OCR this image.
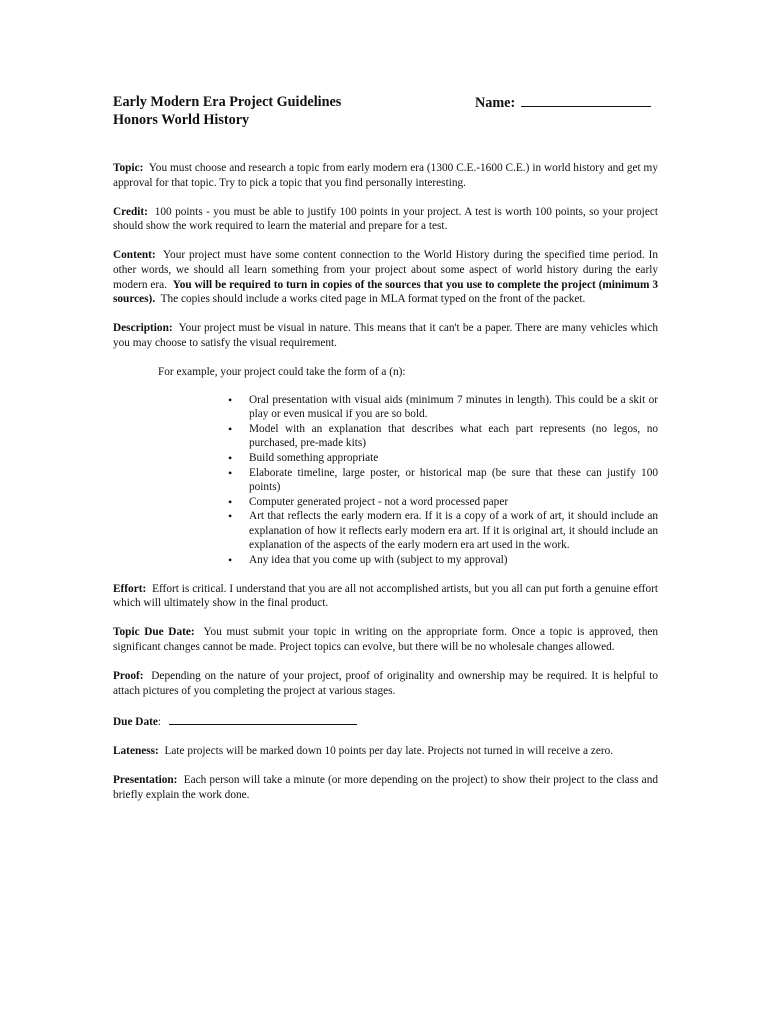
Early Modern Era Project Guidelines
Honors World History
Name:

Topic: You must choose and research a topic from early modern era (1300 C.E.-1600 C.E.) in world history and get my approval for that topic. Try to pick a topic that you find personally interesting.

Credit: 100 points - you must be able to justify 100 points in your project. A test is worth 100 points, so your project should show the work required to learn the material and prepare for a test.

Content: Your project must have some content connection to the World History during the specified time period. In other words, we should all learn something from your project about some aspect of world history during the early modern era. You will be required to turn in copies of the sources that you use to complete the project (minimum 3 sources). The copies should include a works cited page in MLA format typed on the front of the packet.

Description: Your project must be visual in nature. This means that it can't be a paper. There are many vehicles which you may choose to satisfy the visual requirement.

For example, your project could take the form of a (n):

• Oral presentation with visual aids (minimum 7 minutes in length). This could be a skit or play or even musical if you are so bold.
• Model with an explanation that describes what each part represents (no legos, no purchased, pre-made kits)
• Build something appropriate
• Elaborate timeline, large poster, or historical map (be sure that these can justify 100 points)
• Computer generated project - not a word processed paper
• Art that reflects the early modern era. If it is a copy of a work of art, it should include an explanation of how it reflects early modern era art. If it is original art, it should include an explanation of the aspects of the early modern era art used in the work.
• Any idea that you come up with (subject to my approval)

Effort: Effort is critical. I understand that you are all not accomplished artists, but you all can put forth a genuine effort which will ultimately show in the final product.

Topic Due Date: You must submit your topic in writing on the appropriate form. Once a topic is approved, then significant changes cannot be made. Project topics can evolve, but there will be no wholesale changes allowed.

Proof: Depending on the nature of your project, proof of originality and ownership may be required. It is helpful to attach pictures of you completing the project at various stages.

Due Date:

Lateness: Late projects will be marked down 10 points per day late. Projects not turned in will receive a zero.

Presentation: Each person will take a minute (or more depending on the project) to show their project to the class and briefly explain the work done.
